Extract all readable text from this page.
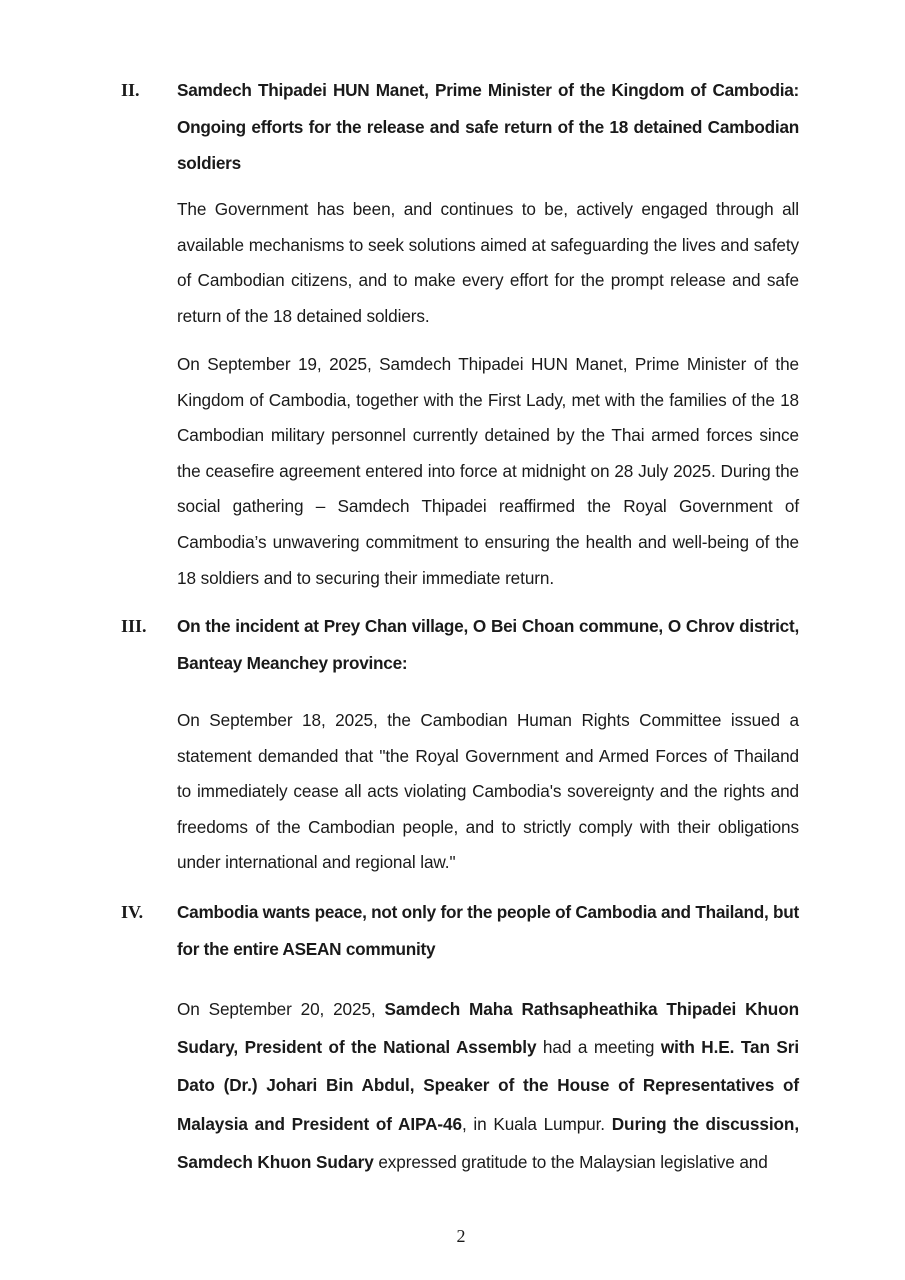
II. Samdech Thipadei HUN Manet, Prime Minister of the Kingdom of Cambodia: Ongoing efforts for the release and safe return of the 18 detained Cambodian soldiers

The Government has been, and continues to be, actively engaged through all available mechanisms to seek solutions aimed at safeguarding the lives and safety of Cambodian citizens, and to make every effort for the prompt release and safe return of the 18 detained soldiers.

On September 19, 2025, Samdech Thipadei HUN Manet, Prime Minister of the Kingdom of Cambodia, together with the First Lady, met with the families of the 18 Cambodian military personnel currently detained by the Thai armed forces since the ceasefire agreement entered into force at midnight on 28 July 2025. During the social gathering – Samdech Thipadei reaffirmed the Royal Government of Cambodia’s unwavering commitment to ensuring the health and well-being of the 18 soldiers and to securing their immediate return.

III. On the incident at Prey Chan village, O Bei Choan commune, O Chrov district, Banteay Meanchey province:

On September 18, 2025, the Cambodian Human Rights Committee issued a statement demanded that "the Royal Government and Armed Forces of Thailand to immediately cease all acts violating Cambodia's sovereignty and the rights and freedoms of the Cambodian people, and to strictly comply with their obligations under international and regional law."

IV. Cambodia wants peace, not only for the people of Cambodia and Thailand, but for the entire ASEAN community

On September 20, 2025, Samdech Maha Rathsapheathika Thipadei Khuon Sudary, President of the National Assembly had a meeting with H.E. Tan Sri Dato (Dr.) Johari Bin Abdul, Speaker of the House of Representatives of Malaysia and President of AIPA-46, in Kuala Lumpur. During the discussion, Samdech Khuon Sudary expressed gratitude to the Malaysian legislative and

2
